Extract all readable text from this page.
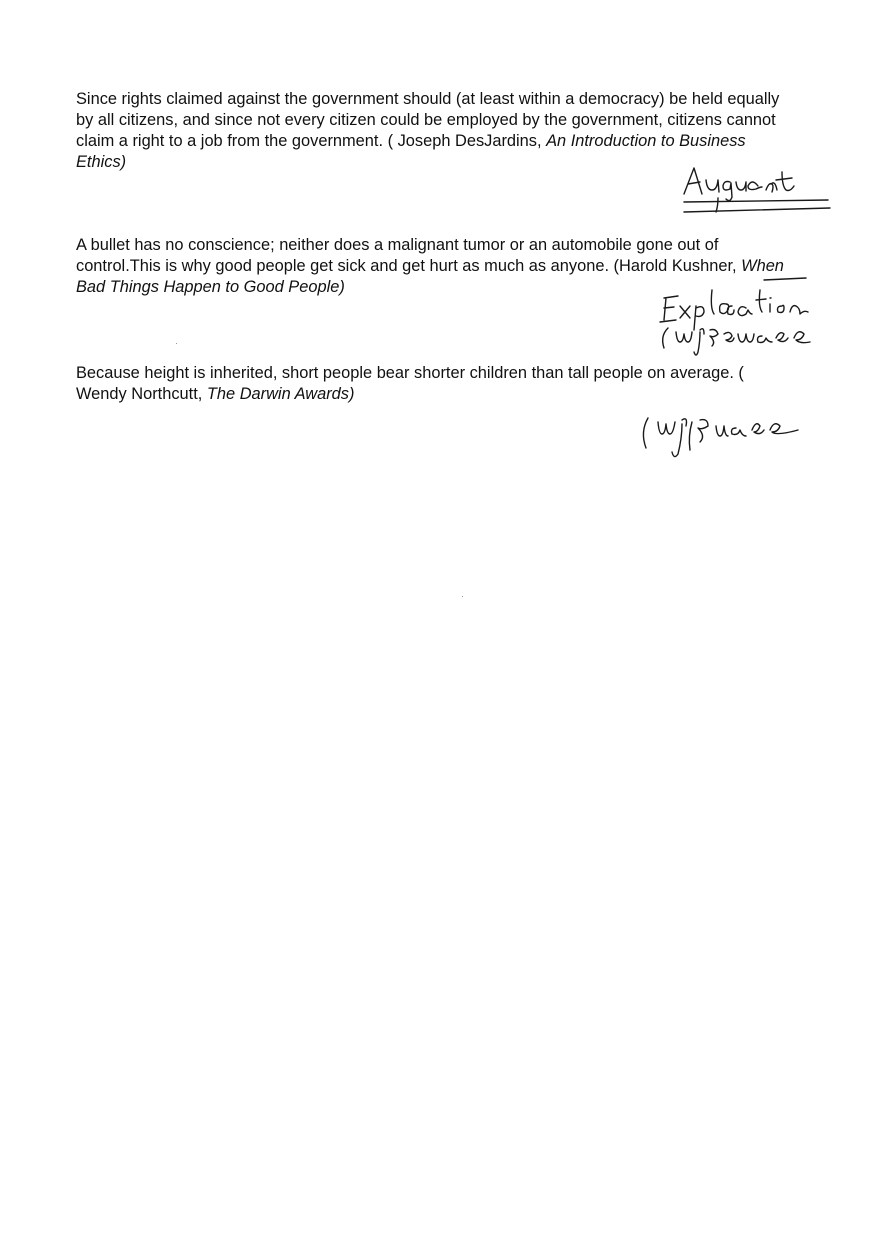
Since rights claimed against the government should (at least within a democracy) be held equally by all citizens, and since not every citizen could be employed by the government, citizens cannot claim a right to a job from the government. ( Joseph DesJardins, An Introduction to Business Ethics)

A bullet has no conscience; neither does a malignant tumor or an automobile gone out of control.This is why good people get sick and get hurt as much as anyone. (Harold Kushner, When Bad Things Happen to Good People)

Because height is inherited, short people bear shorter children than tall people on average. ( Wendy Northcutt, The Darwin Awards)
